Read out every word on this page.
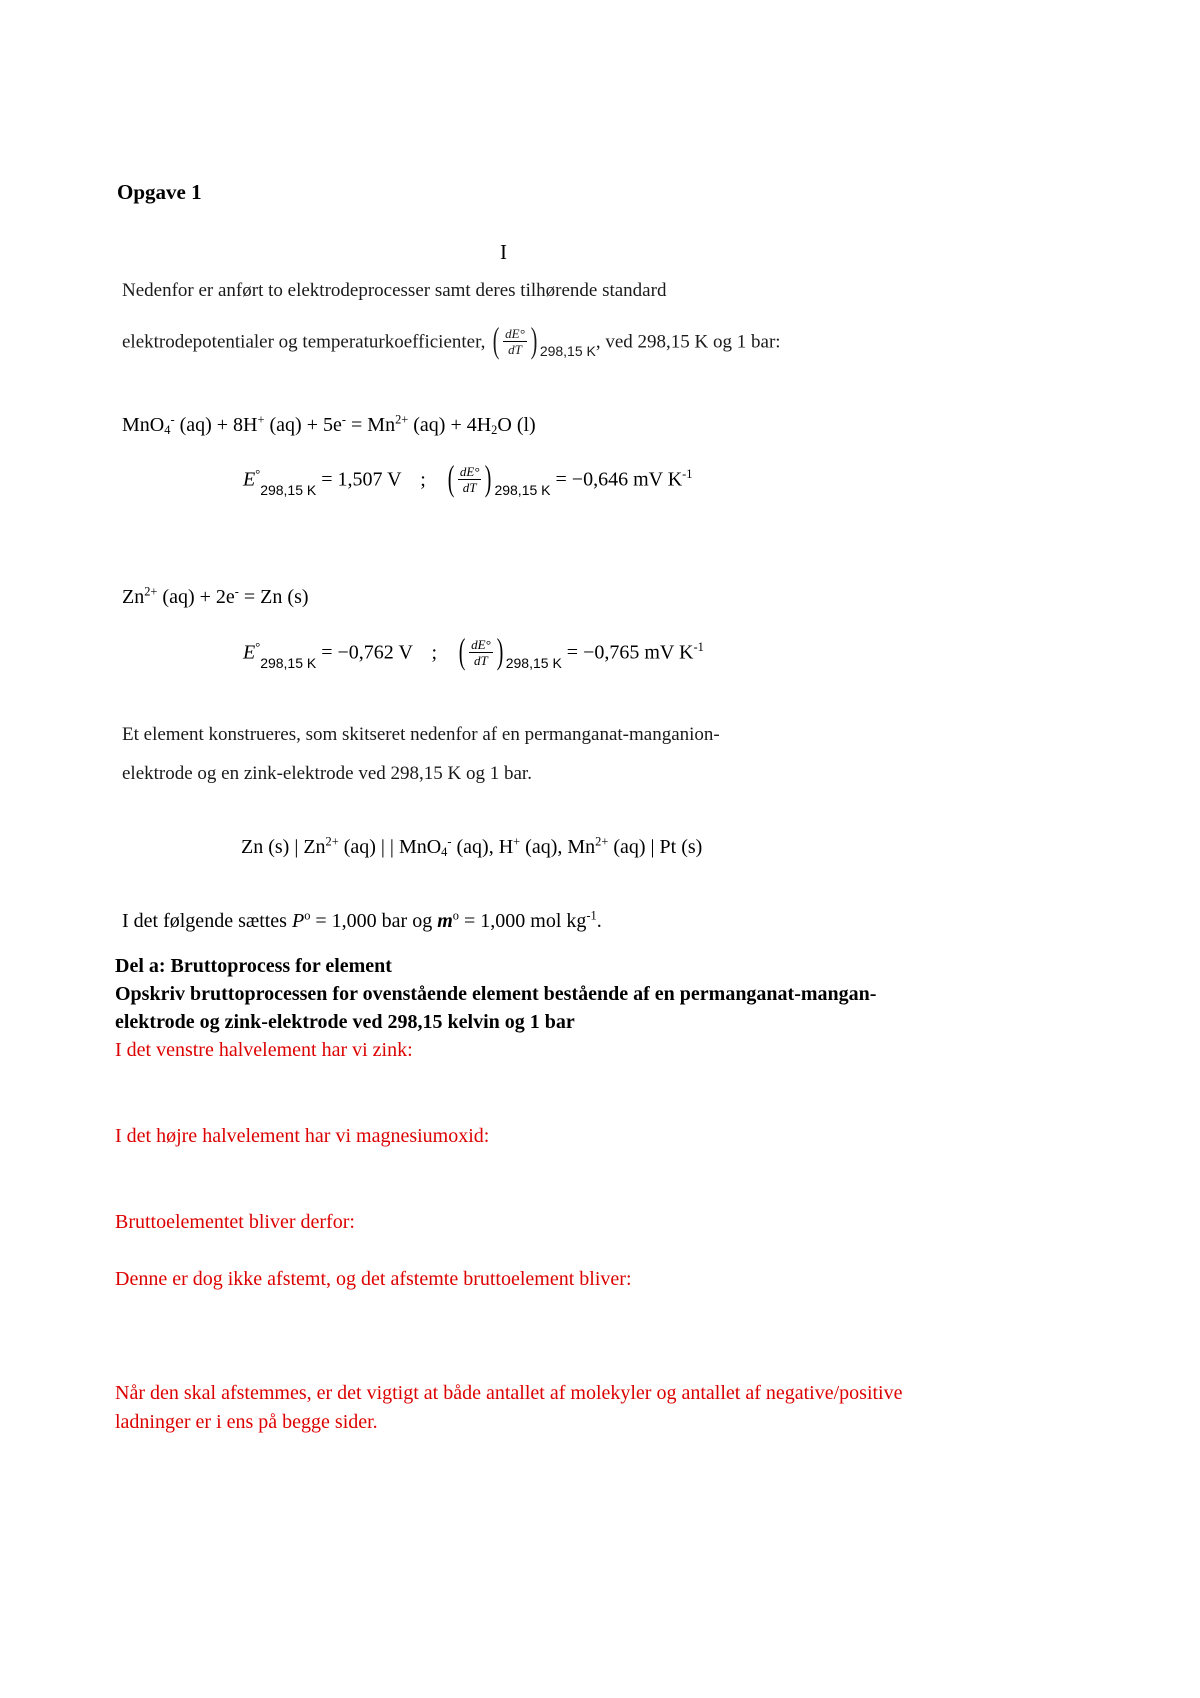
Opgave 1
I
Nedenfor er anført to elektrodeprocesser samt deres tilhørende standard
elektrodepotentialer og temperaturkoefficienter, ( $\frac{dE^\circ}{dT}$ ) $_{298,15 K}$, ved 298,15 K og 1 bar:
MnO$_4$- (aq) + 8H+ $(aq) + 5e^- = Mn^{2+}$ $(aq) + 4H_2O$ (l)
$E^\circ_{298,15 K} = 1,507$ V ; ( $\frac{dE^\circ}{dT}$ ) $_{298,15 K}$ = −0,646 mV $K^{-1}$
$Zn^{2+}$ (aq) + 2e- = Zn (s)
$E^\circ_{298,15 K} = -0,762$ V ; ( $\frac{dE^\circ}{dT}$ ) $_{298,15 K}$ = −0,765 mV $K^{-1}$
Et element konstrueres, som skitseret nedenfor af en permanganat-manganion-
elektrode og en zink-elektrode ved 298,15 K og 1 bar.
Zn (s) | $Zn^{2+}$ (aq) | | MnO$_4$- (aq), H+ (aq), $Mn^{2+}$ (aq) | Pt (s)
I det følgende sættes $P^o = 1,000$ bar og $m^o = 1,000$ mol $kg^{-1}$.
Del a: Bruttoprocess for element
Opskriv bruttoprocessen for ovenstående element bestående af en permanganat-mangan-
elektrode og zink-elektrode ved 298,15 kelvin og 1 bar
I det venstre halvelement har vi zink:
I det højre halvelement har vi magnesiumoxid:
Bruttoelementet bliver derfor:
Denne er dog ikke afstemt, og det afstemte bruttoelement bliver:
Når den skal afstemmes, er det vigtigt at både antallet af molekyler og antallet af negative/positive
ladninger er i ens på begge sider.
